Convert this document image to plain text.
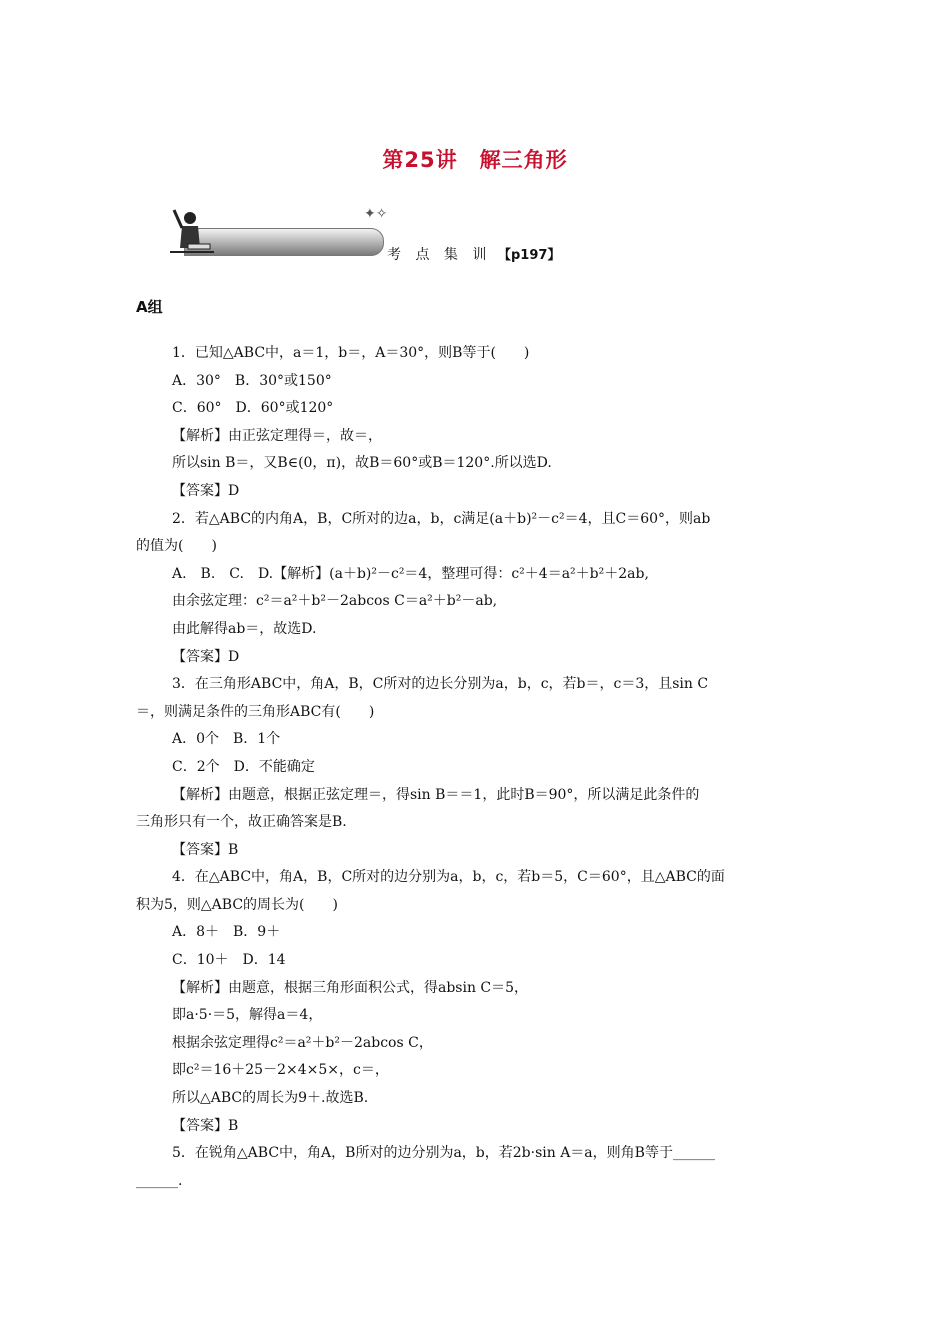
第25讲　解三角形
✦✧
考 点 集 训 【p197】
A组
1．已知△ABC中，a＝1，b＝，A＝30°，则B等于(　　)
A．30°　B．30°或150°
C．60°　D．60°或120°
【解析】由正弦定理得＝，故＝，
所以sin B＝，又B∈(0，π)，故B＝60°或B＝120°.所以选D.
【答案】D
2．若△ABC的内角A，B，C所对的边a，b，c满足(a＋b)²－c²＝4，且C＝60°，则ab
的值为(　　)
A.　B.　C.　D.【解析】(a＋b)²－c²＝4，整理可得：c²＋4＝a²＋b²＋2ab,
由余弦定理：c²＝a²＋b²－2abcos C＝a²＋b²－ab,
由此解得ab＝，故选D.
【答案】D
3．在三角形ABC中，角A，B，C所对的边长分别为a，b，c，若b＝，c＝3，且sin C
＝，则满足条件的三角形ABC有(　　)
A．0个　B．1个
C．2个　D．不能确定
【解析】由题意，根据正弦定理＝，得sin B＝＝1，此时B＝90°，所以满足此条件的
三角形只有一个，故正确答案是B.
【答案】B
4．在△ABC中，角A，B，C所对的边分别为a，b，c，若b＝5，C＝60°，且△ABC的面
积为5，则△ABC的周长为(　　)
A．8＋　B．9＋
C．10＋　D．14
【解析】由题意，根据三角形面积公式，得absin C＝5，
即a·5·＝5，解得a＝4，
根据余弦定理得c²＝a²＋b²－2abcos C，
即c²＝16＋25－2×4×5×，c＝，
所以△ABC的周长为9＋.故选B.
【答案】B
5．在锐角△ABC中，角A，B所对的边分别为a，b，若2b·sin A＝a，则角B等于______
______.
